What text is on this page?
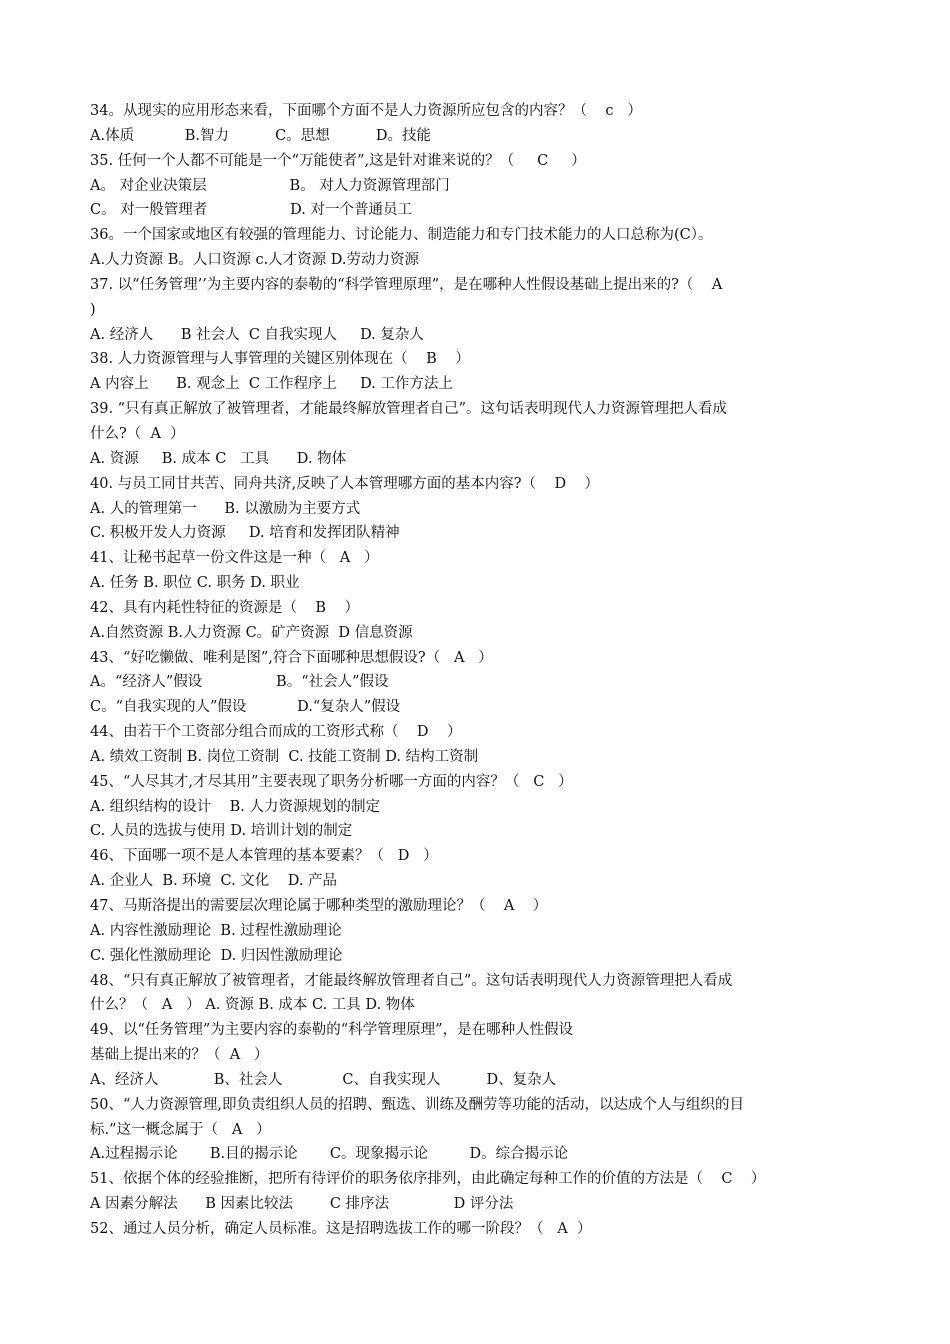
34。从现实的应用形态来看，下面哪个方面不是人力资源所应包含的内容？（    c   ）
A.体质           B.智力          C。思想          D。技能
35. 任何一个人都不可能是一个“万能使者”,这是针对谁来说的？（     C     ）
A。 对企业决策层                  B。 对人力资源管理部门
C。 对一般管理者                  D. 对一个普通员工
36。一个国家或地区有较强的管理能力、讨论能力、制造能力和专门技术能力的人口总称为(C）。
A.人力资源 B。人口资源 c.人才资源 D.劳动力资源
37. 以“任务管理’’为主要内容的泰勒的“科学管理原理”，是在哪种人性假设基础上提出来的?（    A
)
A. 经济人      B 社会人  C 自我实现人     D. 复杂人
38. 人力资源管理与人事管理的关键区别体现在（    B    ）
A 内容上      B. 观念上  C 工作程序上     D. 工作方法上
39. “只有真正解放了被管理者，才能最终解放管理者自己”。这句话表明现代人力资源管理把人看成
什么?（  A  ）
A. 资源     B. 成本 C   工具      D. 物体
40. 与员工同甘共苦、同舟共济,反映了人本管理哪方面的基本内容?（    D    ）
A. 人的管理第一      B. 以激励为主要方式
C. 积极开发人力资源     D. 培育和发挥团队精神
41、让秘书起草一份文件这是一种（   A   ）
A. 任务 B. 职位 C. 职务 D. 职业
42、具有内耗性特征的资源是（    B    ）
A.自然资源 B.人力资源 C。矿产资源  D 信息资源
43、“好吃懒做、唯利是图”,符合下面哪种思想假设?（   A   ）
A。“经济人”假设                B。“社会人”假设
C。“自我实现的人”假设           D.“复杂人”假设
44、由若干个工资部分组合而成的工资形式称（    D    ）
A. 绩效工资制 B. 岗位工资制  C. 技能工资制 D. 结构工资制
45、“人尽其才,才尽其用”主要表现了职务分析哪一方面的内容？（   C   ）
A. 组织结构的设计    B. 人力资源规划的制定
C. 人员的选拔与使用 D. 培训计划的制定
46、下面哪一项不是人本管理的基本要素？（   D   ）
A. 企业人  B. 环境  C. 文化    D. 产品
47、马斯洛提出的需要层次理论属于哪种类型的激励理论？（    A    ）
A. 内容性激励理论  B. 过程性激励理论
C. 强化性激励理论  D. 归因性激励理论
48、“只有真正解放了被管理者，才能最终解放管理者自己”。这句话表明现代人力资源管理把人看成
什么？（   A   ） A. 资源 B. 成本 C. 工具 D. 物体
49、以“任务管理”为主要内容的泰勒的“科学管理原理”，是在哪种人性假设
基础上提出来的？（  A   ）
A、经济人            B、社会人             C、自我实现人          D、复杂人
50、“人力资源管理,即负责组织人员的招聘、甄选、训练及酬劳等功能的活动，以达成个人与组织的目
标.”这一概念属于（   A   ）
A.过程揭示论       B.目的揭示论       C。现象揭示论         D。综合揭示论
51、依据个体的经验推断，把所有待评价的职务依序排列，由此确定每种工作的价值的方法是（    C    ）
A 因素分解法      B 因素比较法        C 排序法              D 评分法
52、通过人员分析，确定人员标准。这是招聘选拔工作的哪一阶段？（   A  ）
